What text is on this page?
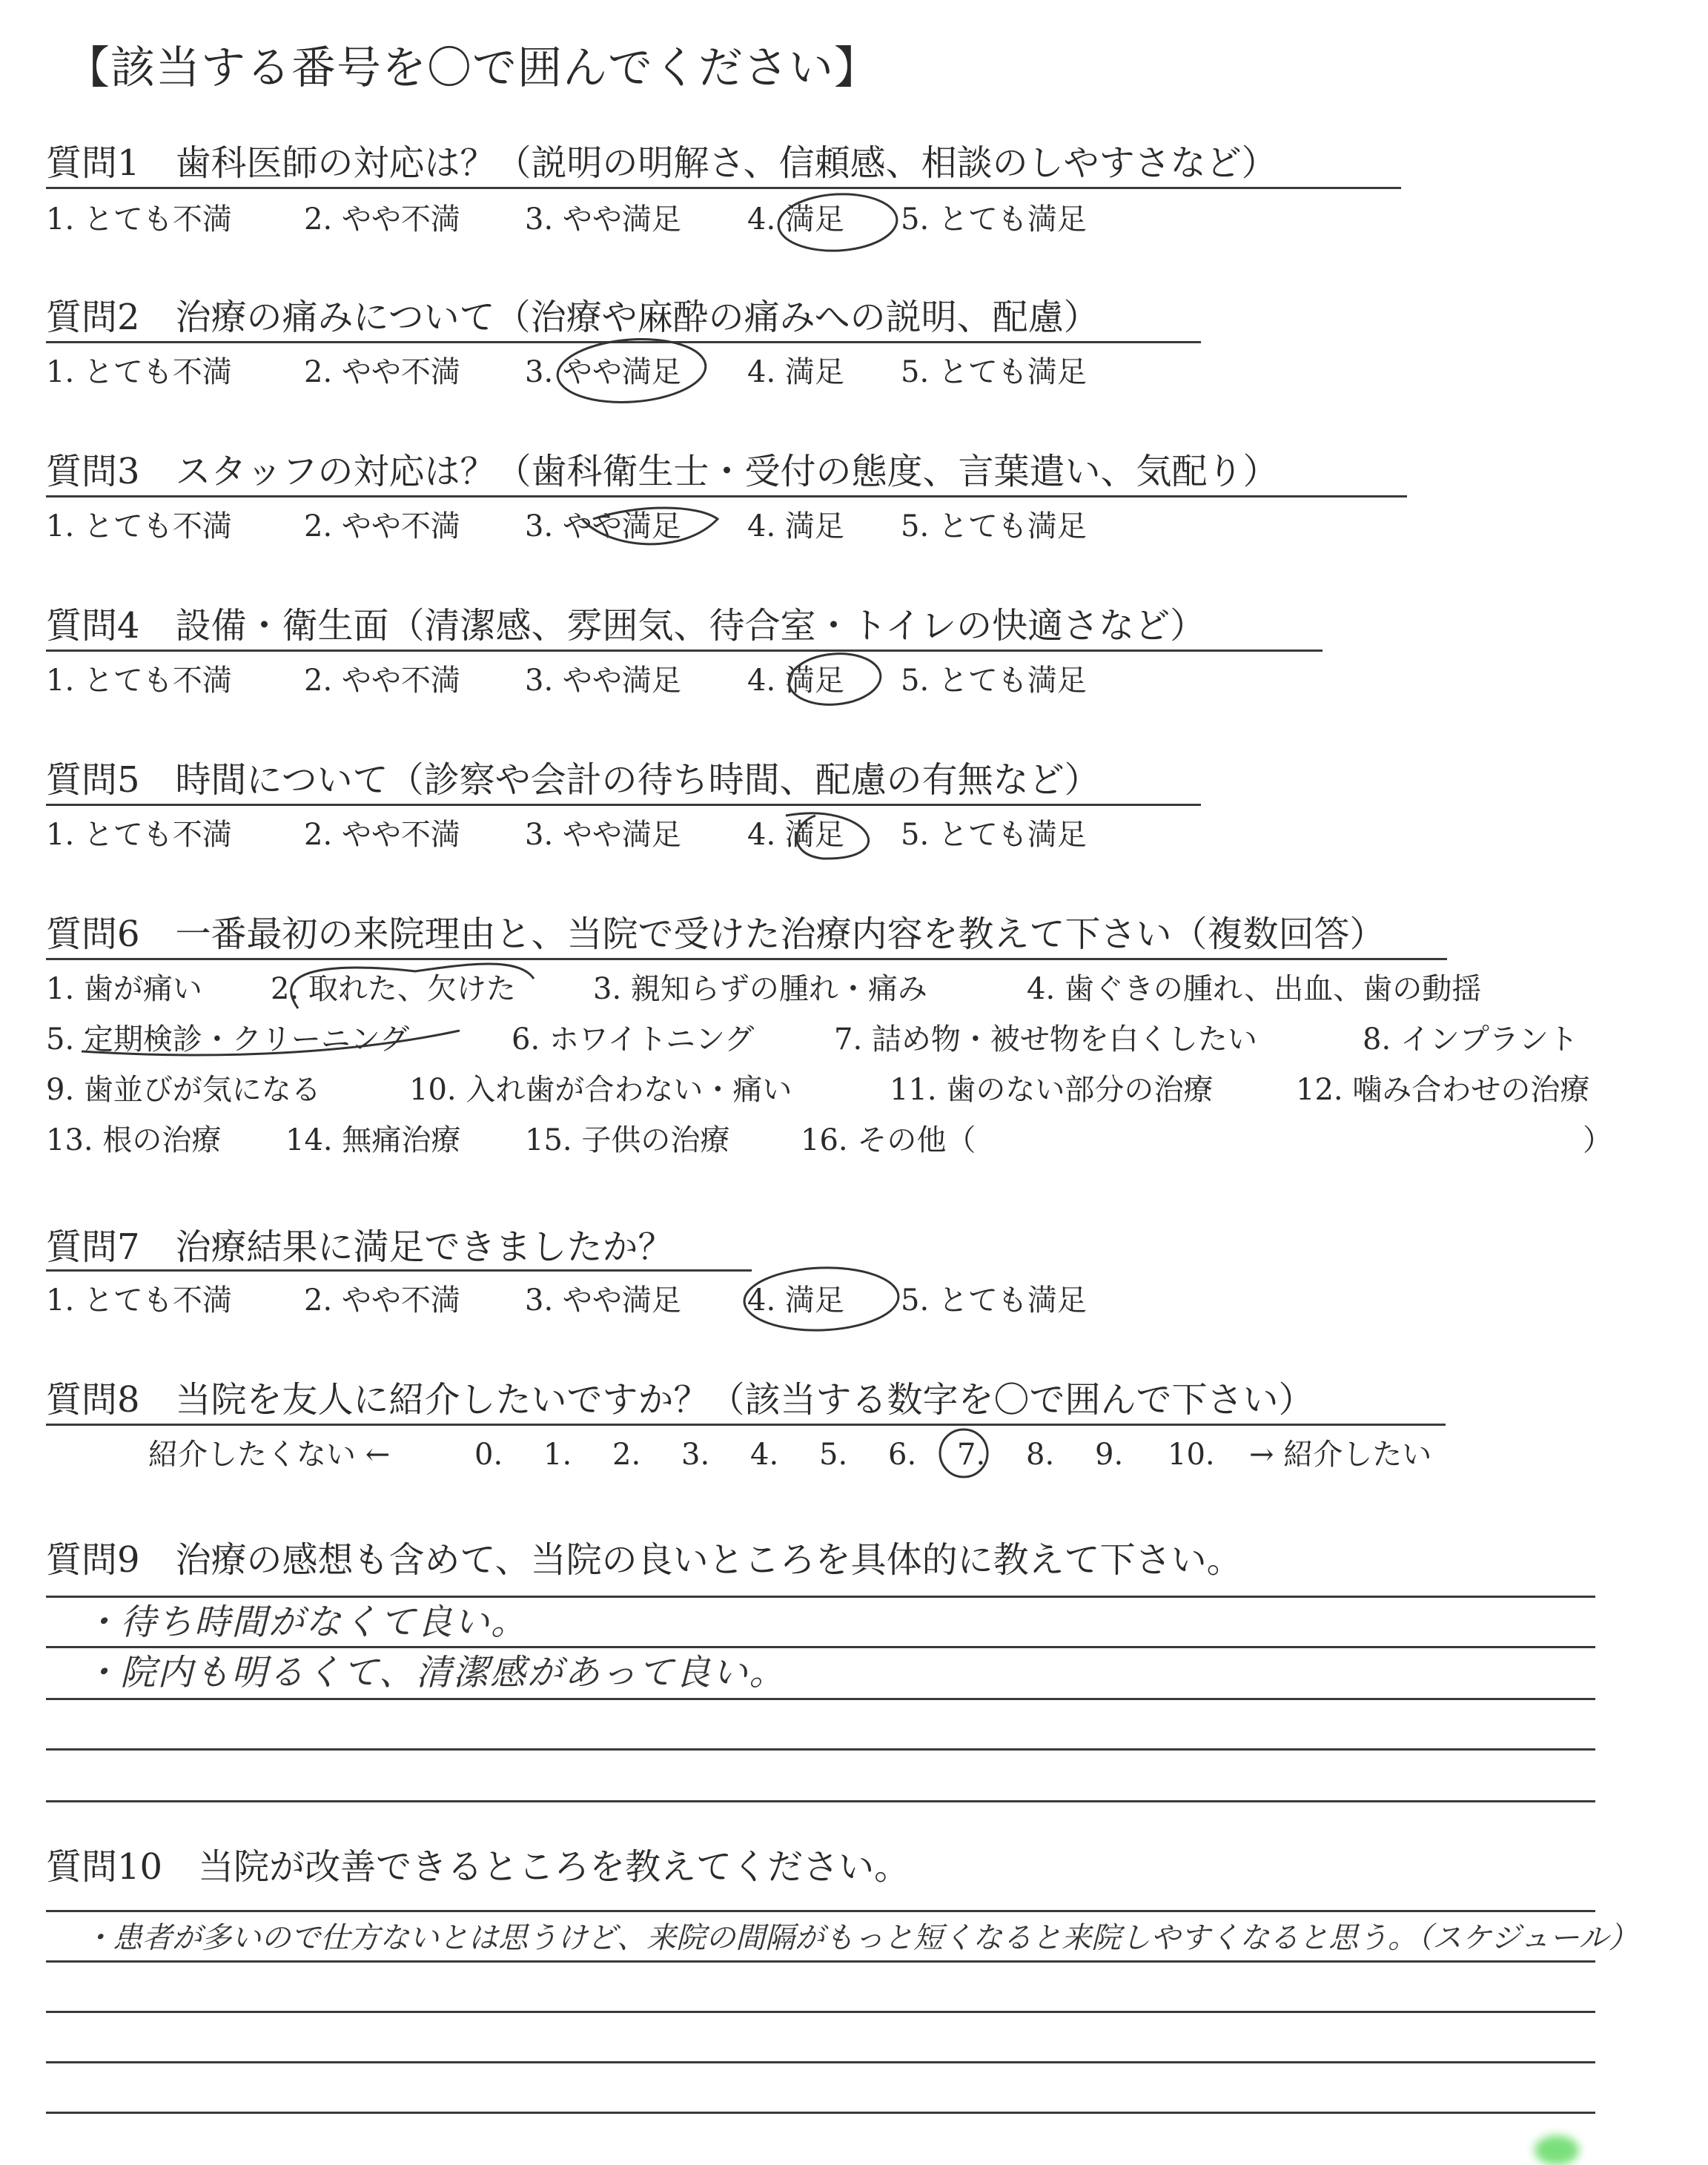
【該当する番号を〇で囲んでください】
質問1　歯科医師の対応は？（説明の明解さ、信頼感、相談のしやすさなど）
1. とても不満 2. やや不満 3. やや満足 4. 満足 5. とても満足
質問2　治療の痛みについて（治療や麻酔の痛みへの説明、配慮）
1. とても不満 2. やや不満 3. やや満足 4. 満足 5. とても満足
質問3　スタッフの対応は？（歯科衛生士・受付の態度、言葉遣い、気配り）
1. とても不満 2. やや不満 3. やや満足 4. 満足 5. とても満足
質問4　設備・衛生面（清潔感、雰囲気、待合室・トイレの快適さなど）
1. とても不満 2. やや不満 3. やや満足 4. 満足 5. とても満足
質問5　時間について（診察や会計の待ち時間、配慮の有無など）
1. とても不満 2. やや不満 3. やや満足 4. 満足 5. とても満足
質問6　一番最初の来院理由と、当院で受けた治療内容を教えて下さい（複数回答）
1. 歯が痛い 2. 取れた、欠けた	3. 親知らずの腫れ・痛み	4. 歯ぐきの腫れ、出血、歯の動揺
5. 定期検診・クリーニング	6. ホワイトニング	7. 詰め物・被せ物を白くしたい	8. インプラント
9. 歯並びが気になる	10. 入れ歯が合わない・痛い	11. 歯のない部分の治療	12. 噛み合わせの治療
13. 根の治療 14. 無痛治療 15. 子供の治療 16. その他（	）
質問7　治療結果に満足できましたか？
1. とても不満 2. やや不満 3. やや満足 4. 満足 5. とても満足
質問8　当院を友人に紹介したいですか？（該当する数字を〇で囲んで下さい）
紹介したくない ←	0. 1. 2. 3. 4. 5. 6. 7. 8. 9. 10. → 紹介したい
質問9　治療の感想も含めて、当院の良いところを具体的に教えて下さい。
・待ち時間がなくて良い。
・院内も明るくて、清潔感があって良い。
質問10　当院が改善できるところを教えてください。
・患者が多いので仕方ないとは思うけど、来院の間隔がもっと短くなると来院しやすくなると思う。（スケジュール）
